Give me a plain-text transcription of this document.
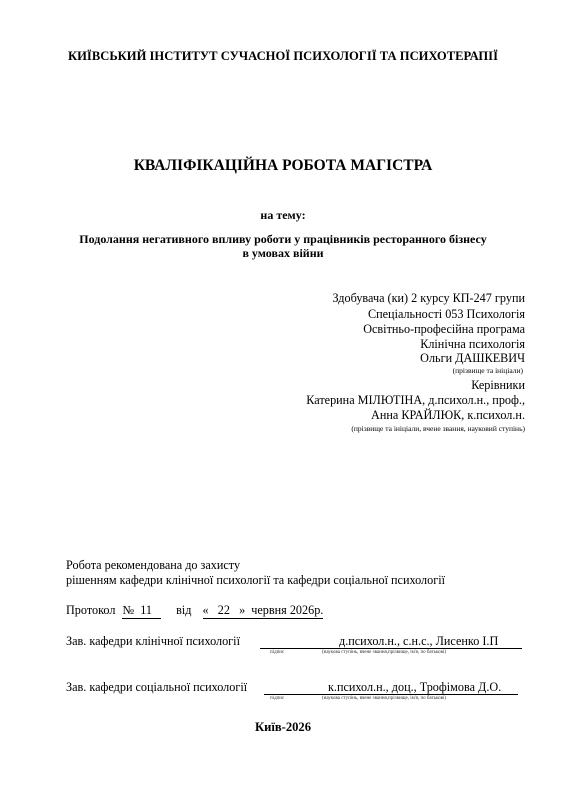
КИЇВСЬКИЙ ІНСТИТУТ СУЧАСНОЇ ПСИХОЛОГІЇ ТА ПСИХОТЕРАПІЇ
КВАЛІФІКАЦІЙНА РОБОТА МАГІСТРА
на тему:
Подолання негативного впливу роботи у працівників ресторанного бізнесу
в умовах війни
Здобувача (ки) 2 курсу КП-247 групи
Спеціальності 053 Психологія
Освітньо-професійна програма
Клінічна психологія
Ольги ДАШКЕВИЧ
(прізвище та ініціали)
Керівники
Катерина МІЛЮТІНА, д.психол.н., проф.,
Анна КРАЙЛЮК, к.психол.н.
(прізвище та ініціали, вчене звання, науковий ступінь)
Робота рекомендована до захисту
рішенням кафедри клінічної психології та кафедри соціальної психології
Протокол № 11 від « 22 » червня 2026р.
Зав. кафедри клінічної психології	д.психол.н., с.н.с., Лисенко І.П
підпис	(наукова ступінь, вчене звання,прізвище, ім'я, по батькові)
Зав. кафедри соціальної психології	к.психол.н., доц., Трофімова Д.О.
підпис	(наукова ступінь, вчене звання,прізвище, ім'я, по батькові)
Київ-2026
